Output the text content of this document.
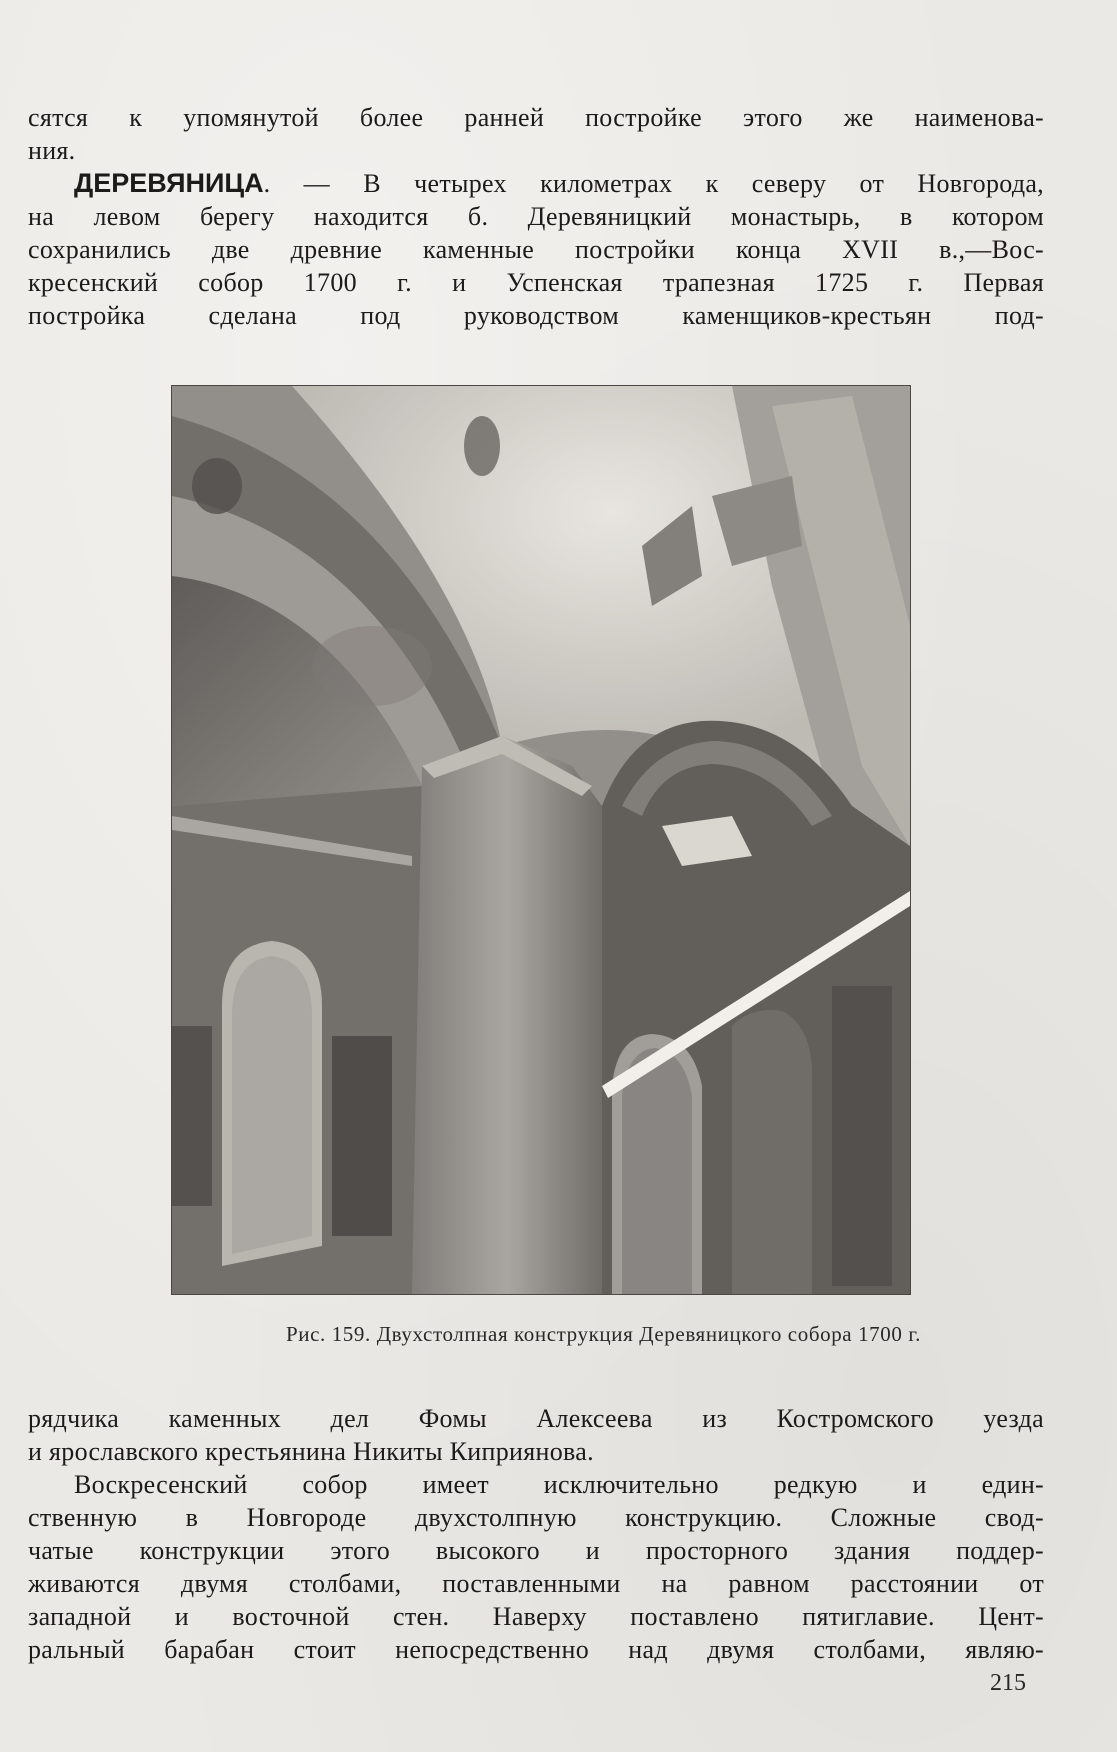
сятся к упомянутой более ранней постройке этого же наименова-
ния.
ДЕРЕВЯНИЦА. — В четырех километрах к северу от Новгорода,
на левом берегу находится б. Деревяницкий монастырь, в котором
сохранились две древние каменные постройки конца XVII в.,—Вос-
кресенский собор 1700 г. и Успенская трапезная 1725 г. Первая
постройка сделана под руководством каменщиков-крестьян под-
Рис. 159. Двухстолпная конструкция Деревяницкого собора 1700 г.
рядчика каменных дел Фомы Алексеева из Костромского уезда
и ярославского крестьянина Никиты Киприянова.
Воскресенский собор имеет исключительно редкую и един-
ственную в Новгороде двухстолпную конструкцию. Сложные свод-
чатые конструкции этого высокого и просторного здания поддер-
живаются двумя столбами, поставленными на равном расстоянии от
западной и восточной стен. Наверху поставлено пятиглавие. Цент-
ральный барабан стоит непосредственно над двумя столбами, являю-
215
